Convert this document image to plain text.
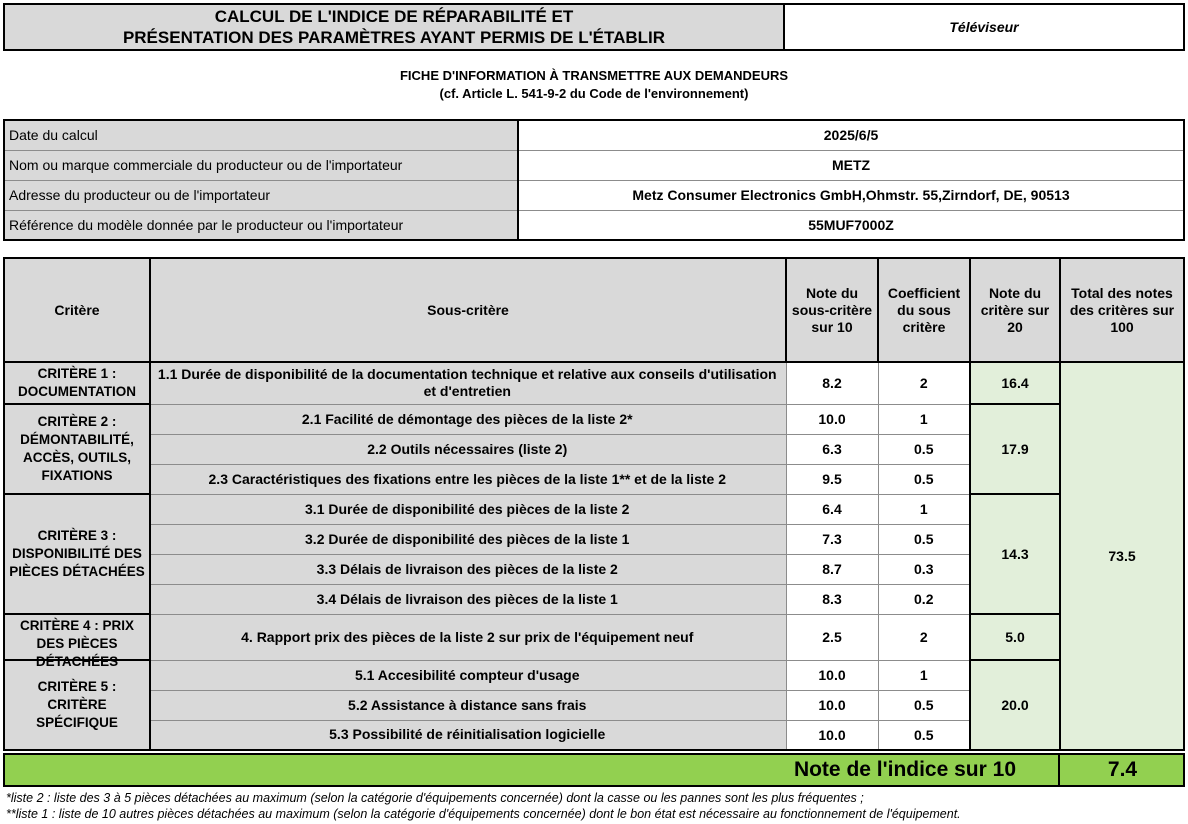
CALCUL DE L'INDICE DE RÉPARABILITÉ ET
PRÉSENTATION DES PARAMÈTRES AYANT PERMIS DE L'ÉTABLIR
Téléviseur
FICHE D'INFORMATION À TRANSMETTRE AUX DEMANDEURS
(cf. Article L. 541-9-2 du Code de l'environnement)
Date du calcul	2025/6/5
Nom ou marque commerciale du producteur ou de l'importateur	METZ
Adresse du producteur ou de l'importateur	Metz Consumer Electronics GmbH,Ohmstr. 55,Zirndorf, DE, 90513
Référence du modèle donnée par le producteur ou l'importateur	55MUF7000Z
Critère	Sous-critère	Note du sous-critère sur 10	Coefficient du sous critère	Note du critère sur 20	Total des notes des critères sur 100
CRITÈRE 1 : DOCUMENTATION	1.1 Durée de disponibilité de la documentation technique et relative aux conseils d'utilisation et d'entretien	8.2	2	16.4	73.5
CRITÈRE 2 : DÉMONTABILITÉ, ACCÈS, OUTILS, FIXATIONS	2.1 Facilité de démontage des pièces de la liste 2*	10.0	1	17.9	
	2.2 Outils nécessaires (liste 2)	6.3	0.5		
	2.3 Caractéristiques des fixations entre les pièces de la liste 1** et de la liste 2	9.5	0.5		
CRITÈRE 3 : DISPONIBILITÉ DES PIÈCES DÉTACHÉES	3.1 Durée de disponibilité des pièces de la liste 2	6.4	1	14.3	
	3.2 Durée de disponibilité des pièces de la liste 1	7.3	0.5		
	3.3 Délais de livraison des pièces de la liste 2	8.7	0.3		
	3.4 Délais de livraison des pièces de la liste 1	8.3	0.2		

CRITÈRE 4 : PRIX DES PIÈCES DÉTACHÉES	4. Rapport prix des pièces de la liste 2 sur prix de l'équipement neuf	2.5	2	5.0	
CRITÈRE 5 : CRITÈRE SPÉCIFIQUE	5.1 Accesibilité compteur d'usage	10.0	1	20.0	
	5.2 Assistance à distance sans frais	10.0	0.5		
	5.3 Possibilité de réinitialisation logicielle	10.0	0.5		
Note de l'indice sur 10	7.4
*liste 2 : liste des 3 à 5 pièces détachées au maximum (selon la catégorie d'équipements concernée) dont la casse ou les pannes sont les plus fréquentes ;
**liste 1 : liste de 10 autres pièces détachées au maximum (selon la catégorie d'équipements concernée) dont le bon état est nécessaire au fonctionnement de l'équipement.
